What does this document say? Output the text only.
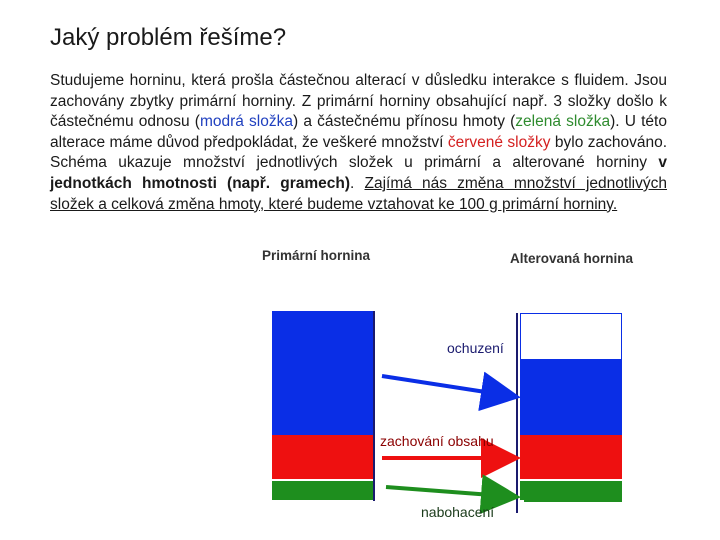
Jaký problém řešíme?

Studujeme horninu, která prošla částečnou alterací v důsledku interakce s fluidem. Jsou zachovány zbytky primární horniny. Z primární horniny obsahující např. 3 složky došlo k částečnému odnosu (modrá složka) a částečnému přínosu hmoty (zelená složka). U této alterace máme důvod předpokládat, že veškeré množství červené složky bylo zachováno. Schéma ukazuje množství jednotlivých složek u primární a alterované horniny v jednotkách hmotnosti (např. gramech). Zajímá nás změna množství jednotlivých složek a celková změna hmoty, které budeme vztahovat ke 100 g primární horniny.

Primární hornina	Alterovaná hornina
ochuzení
zachování obsahu
nabohacení
